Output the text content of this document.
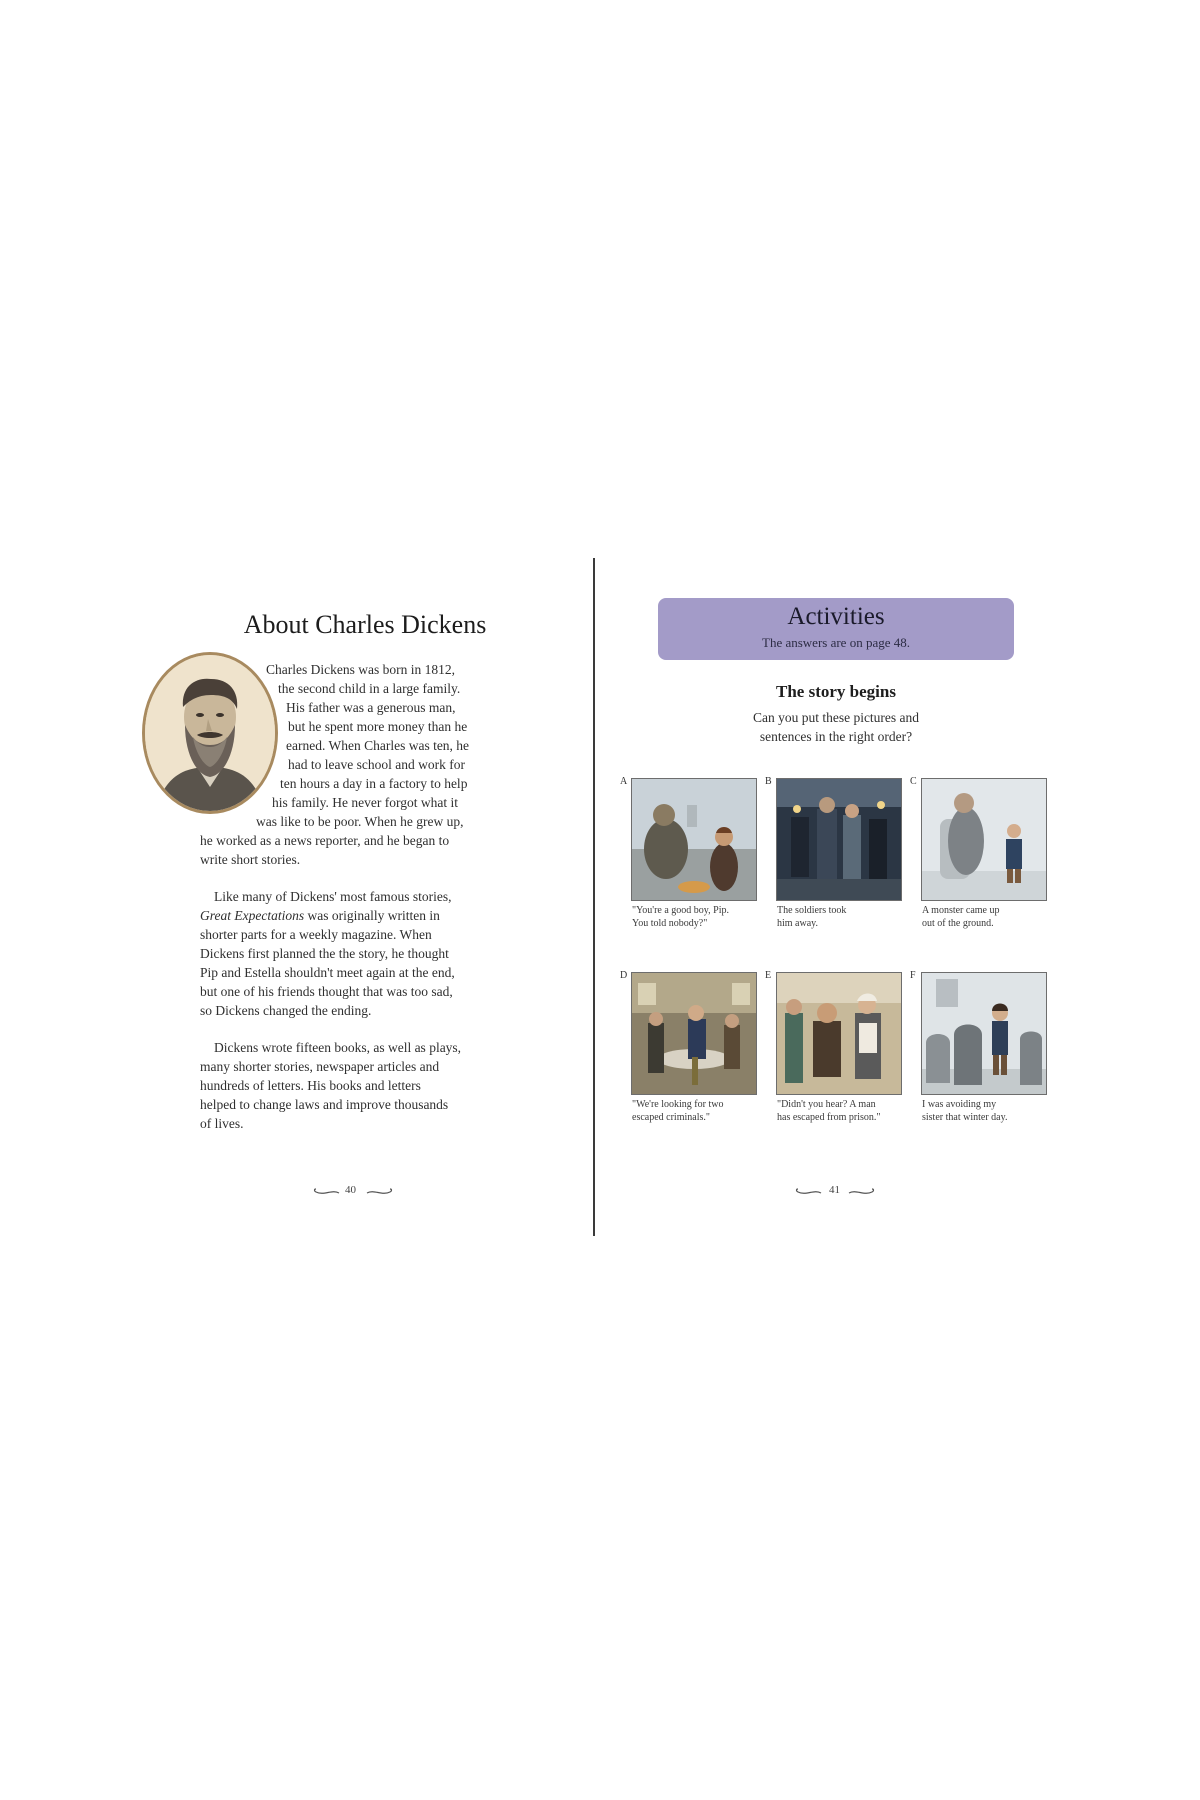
About Charles Dickens
Charles Dickens was born in 1812,
the second child in a large family.
His father was a generous man,
but he spent more money than he
earned. When Charles was ten, he
had to leave school and work for
ten hours a day in a factory to help
his family. He never forgot what it
was like to be poor. When he grew up,
he worked as a news reporter, and he began to
write short stories.
Like many of Dickens' most famous stories,
Great Expectations was originally written in
shorter parts for a weekly magazine. When
Dickens first planned the the story, he thought
Pip and Estella shouldn't meet again at the end,
but one of his friends thought that was too sad,
so Dickens changed the ending.
Dickens wrote fifteen books, as well as plays,
many shorter stories, newspaper articles and
hundreds of letters. His books and letters
helped to change laws and improve thousands
of lives.
40
Activities
The answers are on page 48.
The story begins
Can you put these pictures and
sentences in the right order?
A
"You're a good boy, Pip.
You told nobody?"
B
The soldiers took
him away.
C
A monster came up
out of the ground.
D
"We're looking for two
escaped criminals."
E
"Didn't you hear? A man
has escaped from prison."
F
I was avoiding my
sister that winter day.
41
